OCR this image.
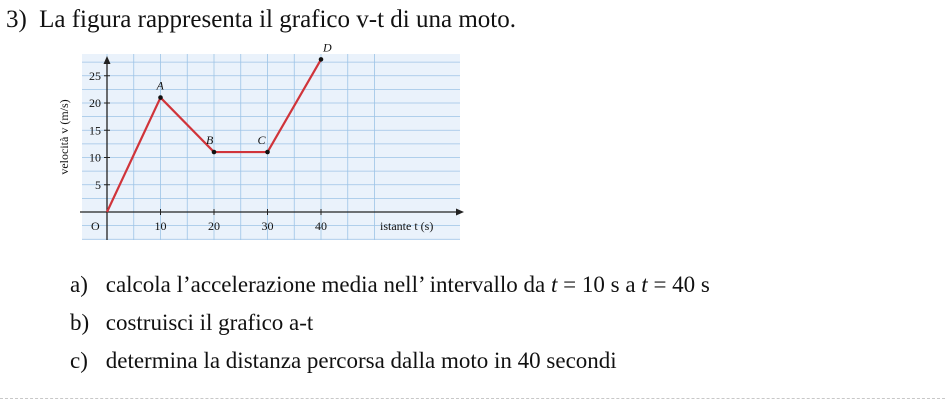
3) La figura rappresenta il grafico v-t di una moto.
10	20	30	40
5
10
15
20
25
A
B	C
D
O	istante t (s)
velocità v (m/s)
a) calcola l’accelerazione media nell’ intervallo da t = 10 s a t = 40 s
b) costruisci il grafico a-t
c) determina la distanza percorsa dalla moto in 40 secondi
